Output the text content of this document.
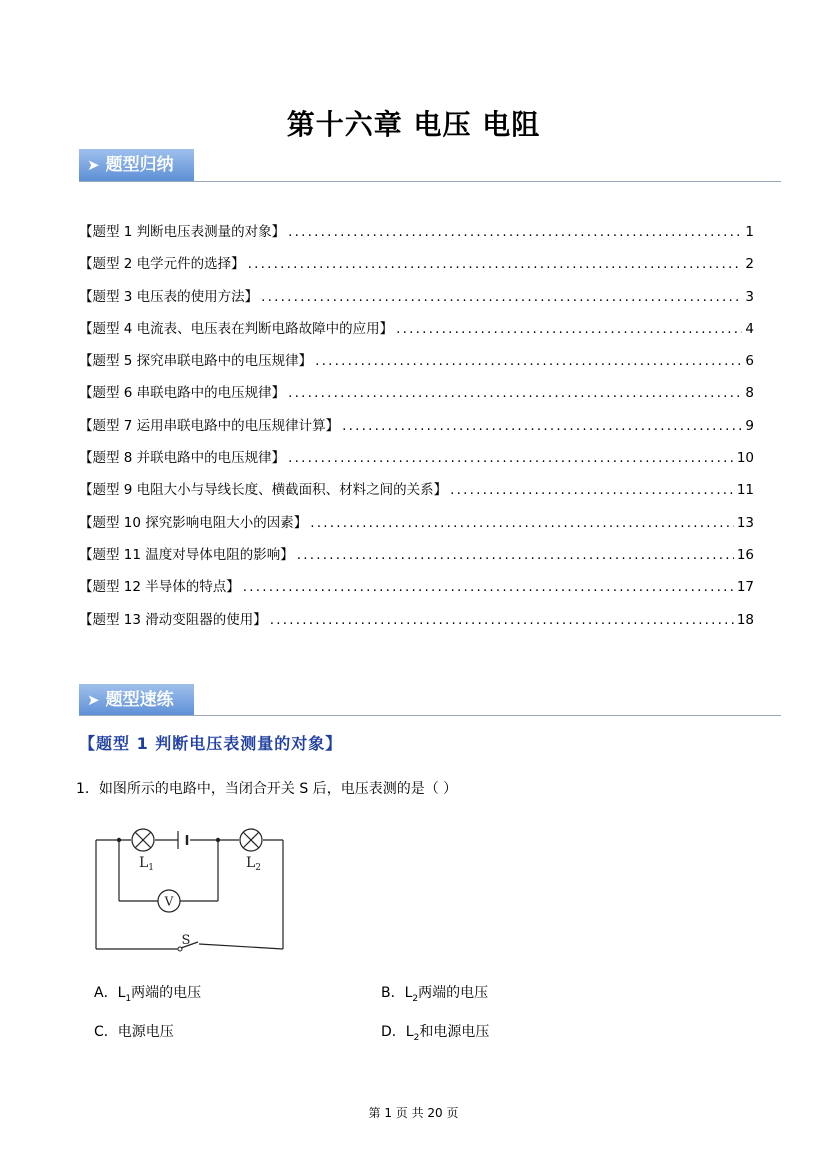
第十六章 电压 电阻
➤ 题型归纳
【题型 1 判断电压表测量的对象】 .....	1
【题型 2 电学元件的选择】 .....	2
【题型 3 电压表的使用方法】 .....	3
【题型 4 电流表、电压表在判断电路故障中的应用】 .....	4
【题型 5 探究串联电路中的电压规律】 .....	6
【题型 6 串联电路中的电压规律】 .....	8
【题型 7 运用串联电路中的电压规律计算】 .....	9
【题型 8 并联电路中的电压规律】 .....	10
【题型 9 电阻大小与导线长度、横截面积、材料之间的关系】 .....	11
【题型 10 探究影响电阻大小的因素】 .....	13
【题型 11 温度对导体电阻的影响】 .....	16
【题型 12 半导体的特点】 .....	17
【题型 13 滑动变阻器的使用】 .....	18
➤ 题型速练
【题型 1 判断电压表测量的对象】
1．如图所示的电路中，当闭合开关 S 后，电压表测的是（ ）
V
S
$L_1$	$L_2$
A．$L_1$两端的电压	B．$L_2$两端的电压
C．电源电压	D．$L_2$和电源电压
第 1 页 共 20 页
